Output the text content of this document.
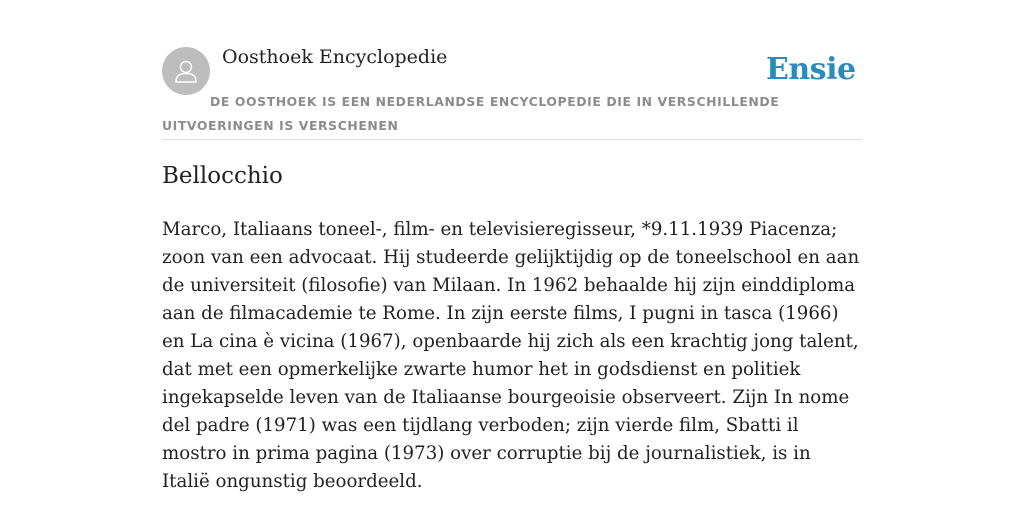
Oosthoek Encyclopedie	Ensie
DE OOSTHOEK IS EEN NEDERLANDSE ENCYCLOPEDIE DIE IN VERSCHILLENDE UITVOERINGEN IS VERSCHENEN
Bellocchio

Marco, Italiaans toneel-, film- en televisieregisseur, *9.11.1939 Piacenza; zoon van een advocaat. Hij studeerde gelijktijdig op de toneelschool en aan de universiteit (filosofie) van Milaan. In 1962 behaalde hij zijn einddiploma aan de filmacademie te Rome. In zijn eerste films, I pugni in tasca (1966) en La cina è vicina (1967), openbaarde hij zich als een krachtig jong talent, dat met een opmerkelijke zwarte humor het in godsdienst en politiek ingekapselde leven van de Italiaanse bourgeoisie observeert. Zijn In nome del padre (1971) was een tijdlang verboden; zijn vierde film, Sbatti il mostro in prima pagina (1973) over corruptie bij de journalistiek, is in Italië ongunstig beoordeeld.
